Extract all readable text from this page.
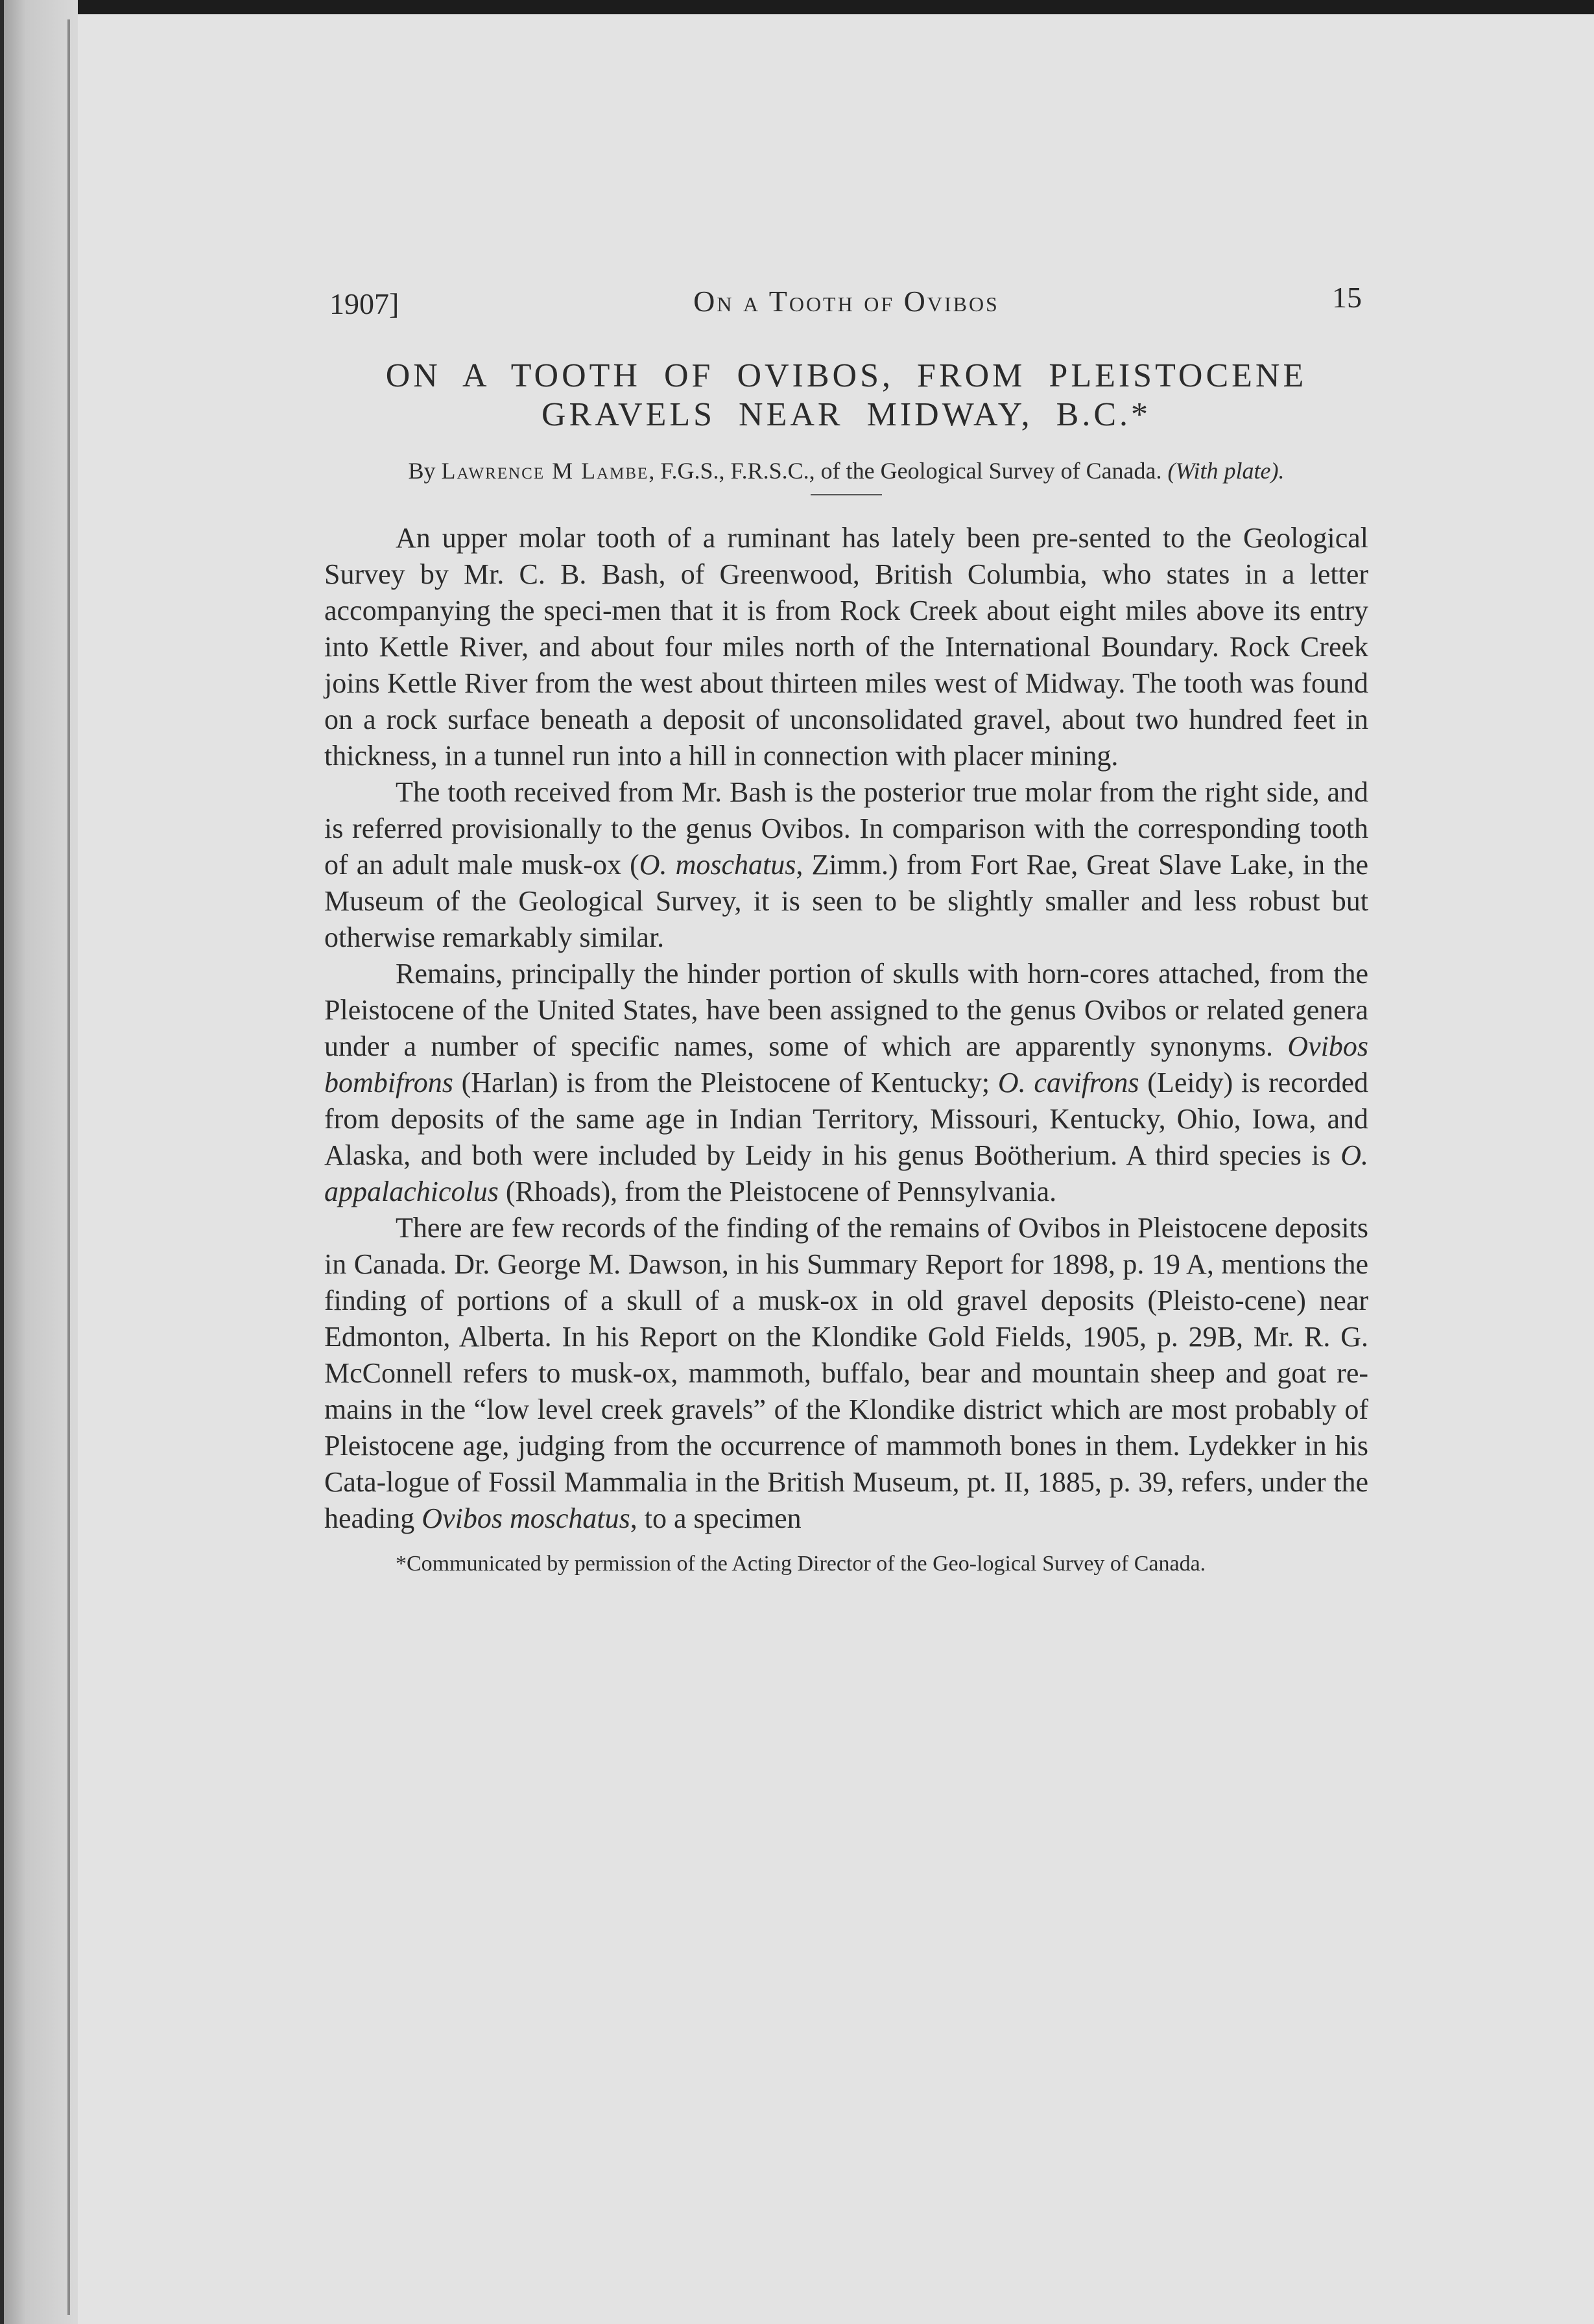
1907]	On a Tooth of Ovibos	15
ON A TOOTH OF OVIBOS, FROM PLEISTOCENE
GRAVELS NEAR MIDWAY, B.C.*
By Lawrence M Lambe, F.G.S., F.R.S.C., of the Geological Survey of Canada. (With plate).

An upper molar tooth of a ruminant has lately been pre-sented to the Geological Survey by Mr. C. B. Bash, of Greenwood, British Columbia, who states in a letter accompanying the speci-men that it is from Rock Creek about eight miles above its entry into Kettle River, and about four miles north of the International Boundary. Rock Creek joins Kettle River from the west about thirteen miles west of Midway. The tooth was found on a rock surface beneath a deposit of unconsolidated gravel, about two hundred feet in thickness, in a tunnel run into a hill in connection with placer mining.

The tooth received from Mr. Bash is the posterior true molar from the right side, and is referred provisionally to the genus Ovibos. In comparison with the corresponding tooth of an adult male musk-ox (O. moschatus, Zimm.) from Fort Rae, Great Slave Lake, in the Museum of the Geological Survey, it is seen to be slightly smaller and less robust but otherwise remarkably similar.

Remains, principally the hinder portion of skulls with horn-cores attached, from the Pleistocene of the United States, have been assigned to the genus Ovibos or related genera under a number of specific names, some of which are apparently synonyms. Ovibos bombifrons (Harlan) is from the Pleistocene of Kentucky; O. cavifrons (Leidy) is recorded from deposits of the same age in Indian Territory, Missouri, Kentucky, Ohio, Iowa, and Alaska, and both were included by Leidy in his genus Boötherium. A third species is O. appalachicolus (Rhoads), from the Pleistocene of Pennsylvania.

There are few records of the finding of the remains of Ovibos in Pleistocene deposits in Canada. Dr. George M. Dawson, in his Summary Report for 1898, p. 19 A, mentions the finding of portions of a skull of a musk-ox in old gravel deposits (Pleisto-cene) near Edmonton, Alberta. In his Report on the Klondike Gold Fields, 1905, p. 29B, Mr. R. G. McConnell refers to musk-ox, mammoth, buffalo, bear and mountain sheep and goat re-mains in the “low level creek gravels” of the Klondike district which are most probably of Pleistocene age, judging from the occurrence of mammoth bones in them. Lydekker in his Cata-logue of Fossil Mammalia in the British Museum, pt. II, 1885, p. 39, refers, under the heading Ovibos moschatus, to a specimen

*Communicated by permission of the Acting Director of the Geo-logical Survey of Canada.
